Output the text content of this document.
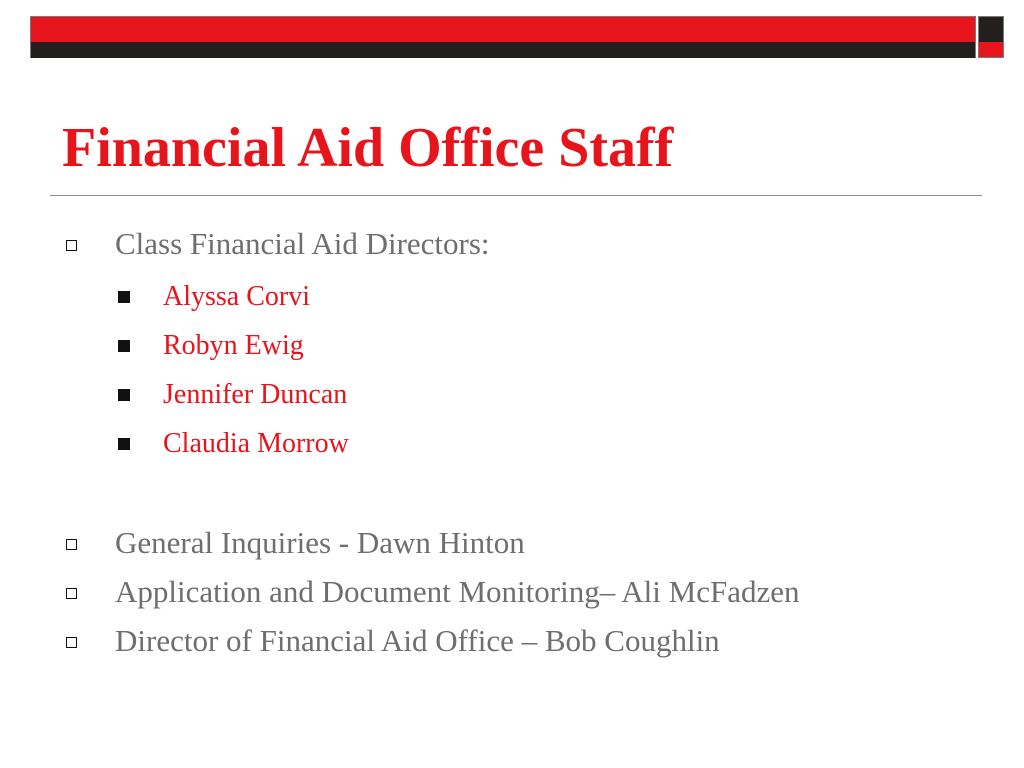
Financial Aid Office Staff
Class Financial Aid Directors:
Alyssa Corvi
Robyn Ewig
Jennifer Duncan
Claudia Morrow
General Inquiries - Dawn Hinton
Application and Document Monitoring– Ali McFadzen
Director of Financial Aid Office – Bob Coughlin
